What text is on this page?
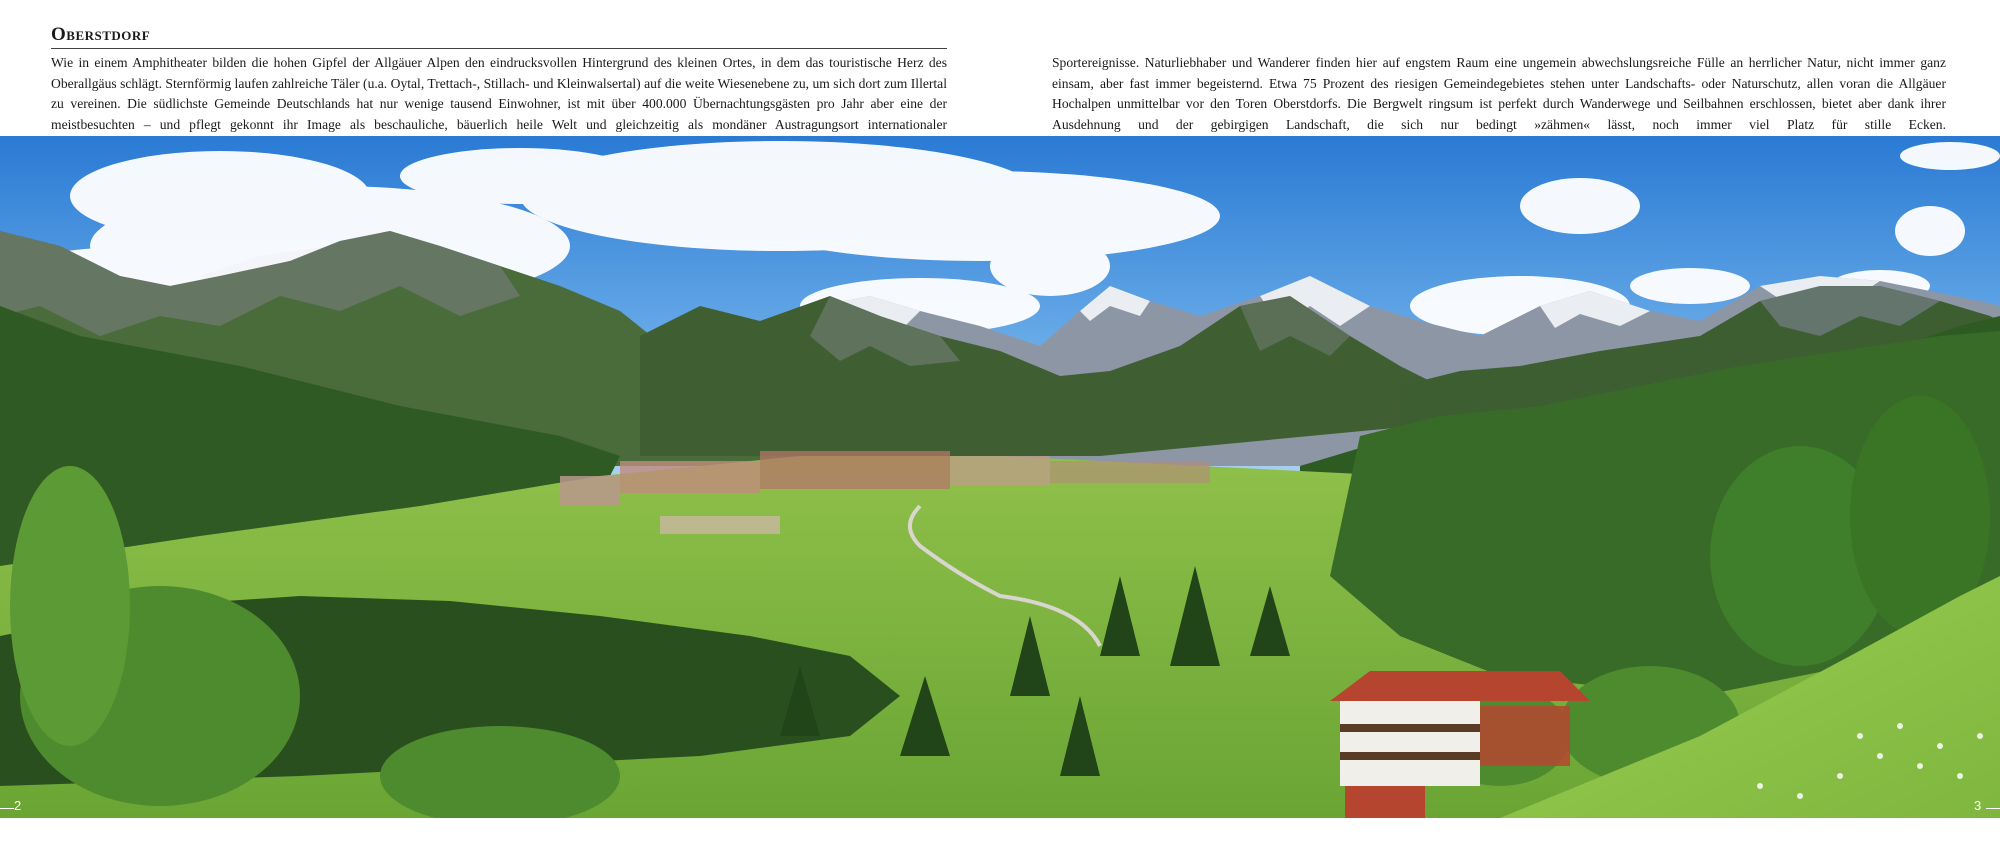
Oberstdorf

Wie in einem Amphitheater bilden die hohen Gipfel der Allgäuer Alpen den eindrucksvollen Hintergrund des kleinen Ortes, in dem das touristische Herz des Oberallgäus schlägt. Sternförmig laufen zahlreiche Täler (u.a. Oytal, Trettach-, Stillach- und Kleinwalsertal) auf die weite Wiesenebene zu, um sich dort zum Illertal zu vereinen. Die südlichste Gemeinde Deutschlands hat nur wenige tausend Einwohner, ist mit über 400.000 Übernachtungsgästen pro Jahr aber eine der meistbesuchten – und pflegt gekonnt ihr Image als beschauliche, bäuerlich heile Welt und gleichzeitig als mondäner Austragungsort internationaler

Sportereignisse. Naturliebhaber und Wanderer finden hier auf engstem Raum eine ungemein abwechslungsreiche Fülle an herrlicher Natur, nicht immer ganz einsam, aber fast immer begeisternd. Etwa 75 Prozent des riesigen Gemeindegebietes stehen unter Landschafts- oder Naturschutz, allen voran die Allgäuer Hochalpen unmittelbar vor den Toren Oberstdorfs. Die Bergwelt ringsum ist perfekt durch Wanderwege und Seilbahnen erschlossen, bietet aber dank ihrer Ausdehnung und der gebirgigen Landschaft, die sich nur bedingt »zähmen« lässt, noch immer viel Platz für stille Ecken.

2	3
